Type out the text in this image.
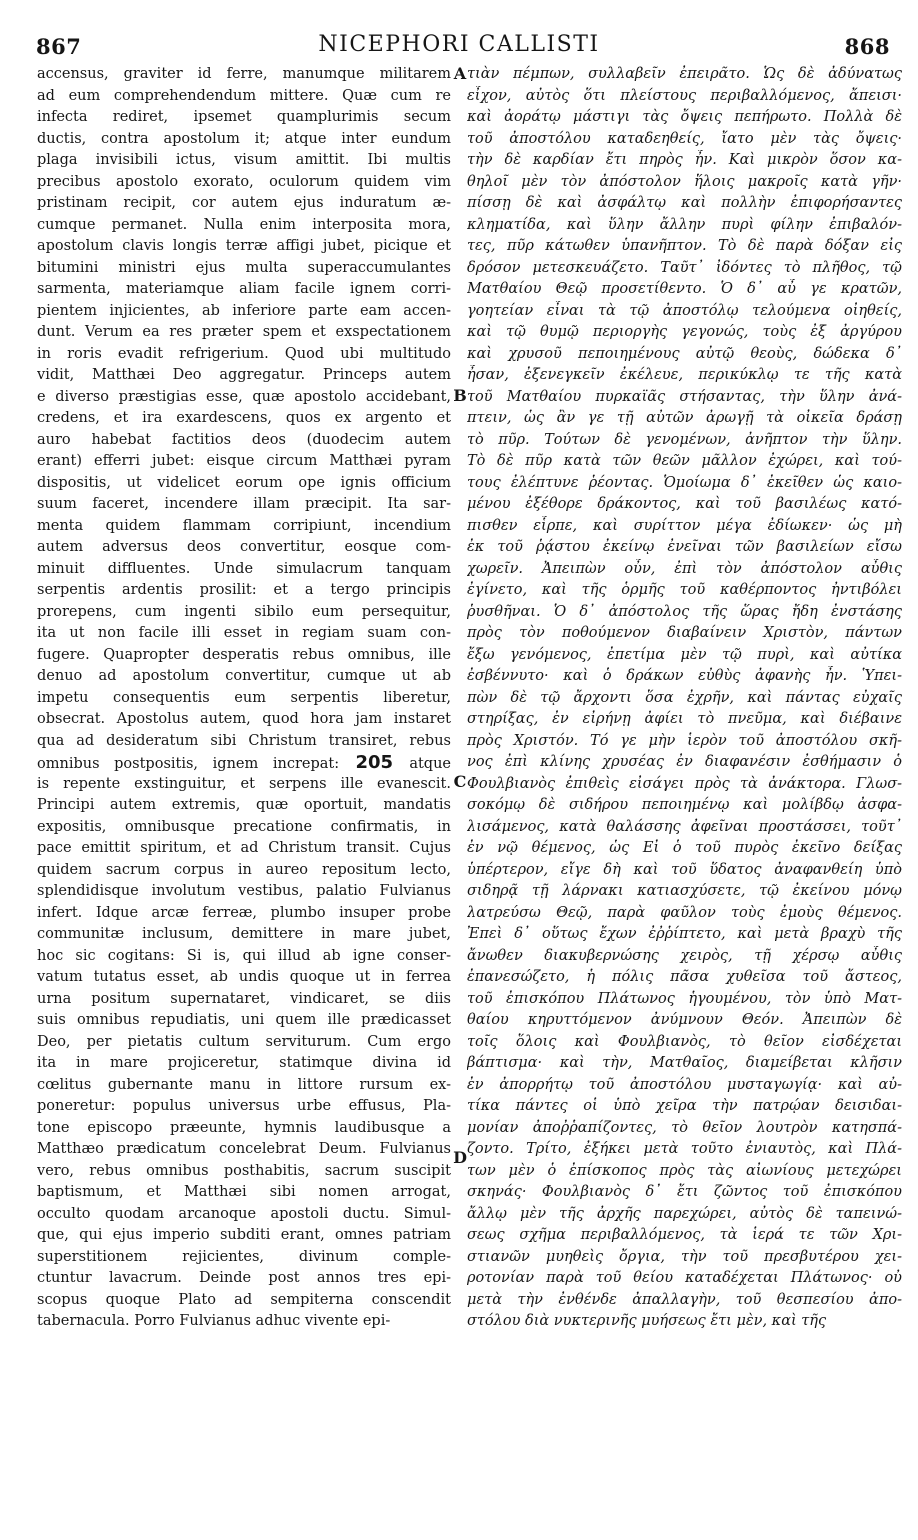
867	NICEPHORI CALLISTI	868
A
B
C
D
accensus, graviter id ferre, manumque militarem
ad eum comprehendendum mittere. Quæ cum re
infecta rediret, ipsemet quamplurimis secum
ductis, contra apostolum it; atque inter eundum
plaga invisibili ictus, visum amittit. Ibi multis
precibus apostolo exorato, oculorum quidem vim
pristinam recipit, cor autem ejus induratum æ-
cumque permanet. Nulla enim interposita mora,
apostolum clavis longis terræ affigi jubet, picique et
bitumini ministri ejus multa superaccumulantes
sarmenta, materiamque aliam facile ignem corri-
pientem injicientes, ab inferiore parte eam accen-
dunt. Verum ea res præter spem et exspectationem
in roris evadit refrigerium. Quod ubi multitudo
vidit, Matthæi Deo aggregatur. Princeps autem
e diverso præstigias esse, quæ apostolo accidebant,
credens, et ira exardescens, quos ex argento et
auro habebat factitios deos (duodecim autem
erant) efferri jubet: eisque circum Matthæi pyram
dispositis, ut videlicet eorum ope ignis officium
suum faceret, incendere illam præcipit. Ita sar-
menta quidem flammam corripiunt, incendium
autem adversus deos convertitur, eosque com-
minuit diffluentes. Unde simulacrum tanquam
serpentis ardentis prosilit: et a tergo principis
prorepens, cum ingenti sibilo eum persequitur,
ita ut non facile illi esset in regiam suam con-
fugere. Quapropter desperatis rebus omnibus, ille
denuo ad apostolum convertitur, cumque ut ab
impetu consequentis eum serpentis liberetur,
obsecrat. Apostolus autem, quod hora jam instaret
qua ad desideratum sibi Christum transiret, rebus
omnibus postpositis, ignem increpat: 205 atque
is repente exstinguitur, et serpens ille evanescit.
Principi autem extremis, quæ oportuit, mandatis
expositis, omnibusque precatione confirmatis, in
pace emittit spiritum, et ad Christum transit. Cujus
quidem sacrum corpus in aureo repositum lecto,
splendidisque involutum vestibus, palatio Fulvianus
infert. Idque arcæ ferreæ, plumbo insuper probe
communitæ inclusum, demittere in mare jubet,
hoc sic cogitans: Si is, qui illud ab igne conser-
vatum tutatus esset, ab undis quoque ut in ferrea
urna positum supernataret, vindicaret, se diis
suis omnibus repudiatis, uni quem ille prædicasset
Deo, per pietatis cultum serviturum. Cum ergo
ita in mare projiceretur, statimque divina id
cœlitus gubernante manu in littore rursum ex-
poneretur: populus universus urbe effusus, Pla-
tone episcopo præeunte, hymnis laudibusque a
Matthæo prædicatum concelebrat Deum. Fulvianus
vero, rebus omnibus posthabitis, sacrum suscipit
baptismum, et Matthæi sibi nomen arrogat,
occulto quodam arcanoque apostoli ductu. Simul-
que, qui ejus imperio subditi erant, omnes patriam
superstitionem rejicientes, divinum comple-
ctuntur lavacrum. Deinde post annos tres epi-
scopus quoque Plato ad sempiterna conscendit
tabernacula. Porro Fulvianus adhuc vivente epi-
τιὰν πέμπων, συλλαβεῖν ἐπειρᾶτο. Ὡς δὲ ἀδύνατως
εἶχον, αὐτὸς ὅτι πλείστους περιβαλλόμενος, ἄπεισι·
καὶ ἀοράτῳ μάστιγι τὰς ὄψεις πεπήρωτο. Πολλὰ δὲ
τοῦ ἀποστόλου καταδεηθείς, ἴατο μὲν τὰς ὄψεις·
τὴν δὲ καρδίαν ἔτι πηρὸς ἦν. Καὶ μικρὸν ὅσον κα-
θηλοῖ μὲν τὸν ἀπόστολον ἥλοις μακροῖς κατὰ γῆν·
πίσσῃ δὲ καὶ ἀσφάλτῳ καὶ πολλὴν ἐπιφορήσαντες
κληματίδα, καὶ ὕλην ἄλλην πυρὶ φίλην ἐπιβαλόν-
τες, πῦρ κάτωθεν ὑπανῆπτον. Τὸ δὲ παρὰ δόξαν εἰς
δρόσον μετεσκευάζετο. Ταῦτ᾽ ἰδόντες τὸ πλῆθος, τῷ
Ματθαίου Θεῷ προσετίθεντο. Ὁ δ᾽ αὖ γε κρατῶν,
γοητείαν εἶναι τὰ τῷ ἀποστόλῳ τελούμενα οἰηθείς,
καὶ τῷ θυμῷ περιοργὴς γεγονώς, τοὺς ἐξ ἀργύρου
καὶ χρυσοῦ πεποιημένους αὐτῷ θεοὺς, δώδεκα δ᾽
ἦσαν, ἐξενεγκεῖν ἐκέλευε, περικύκλῳ τε τῆς κατὰ
τοῦ Ματθαίου πυρκαϊᾶς στήσαντας, τὴν ὕλην ἀνά-
πτειν, ὡς ἂν γε τῇ αὐτῶν ἀρωγῇ τὰ οἰκεῖα δράσῃ
τὸ πῦρ. Τούτων δὲ γενομένων, ἀνῆπτον τὴν ὕλην.
Τὸ δὲ πῦρ κατὰ τῶν θεῶν μᾶλλον ἐχώρει, καὶ τού-
τους ἐλέπτυνε ῥέοντας. Ὁμοίωμα δ᾽ ἐκεῖθεν ὡς καιο-
μένου ἐξέθορε δράκοντος, καὶ τοῦ βασιλέως κατό-
πισθεν εἷρπε, καὶ συρίττον μέγα ἐδίωκεν· ὡς μὴ
ἐκ τοῦ ῥᾴστου ἐκείνῳ ἐνεῖναι τῶν βασιλείων εἴσω
χωρεῖν. Ἀπειπὼν οὖν, ἐπὶ τὸν ἀπόστολον αὖθις
ἐγίνετο, καὶ τῆς ὁρμῆς τοῦ καθέρποντος ἠντιβόλει
ῥυσθῆναι. Ὁ δ᾽ ἀπόστολος τῆς ὥρας ἤδη ἐνστάσης
πρὸς τὸν ποθούμενον διαβαίνειν Χριστὸν, πάντων
ἔξω γενόμενος, ἐπετίμα μὲν τῷ πυρὶ, καὶ αὐτίκα
ἐσβέννυτο· καὶ ὁ δράκων εὐθὺς ἀφανὴς ἦν. Ὑπει-
πὼν δὲ τῷ ἄρχοντι ὅσα ἐχρῆν, καὶ πάντας εὐχαῖς
στηρίξας, ἐν εἰρήνῃ ἀφίει τὸ πνεῦμα, καὶ διέβαινε
πρὸς Χριστόν. Τό γε μὴν ἱερὸν τοῦ ἀποστόλου σκῆ-
νος ἐπὶ κλίνης χρυσέας ἐν διαφανέσιν ἐσθήμασιν ὁ
Φουλβιανὸς ἐπιθεὶς εἰσάγει πρὸς τὰ ἀνάκτορα. Γλωσ-
σοκόμῳ δὲ σιδήρου πεποιημένῳ καὶ μολίβδῳ ἀσφα-
λισάμενος, κατὰ θαλάσσης ἀφεῖναι προστάσσει, τοῦτ᾽
ἐν νῷ θέμενος, ὡς Εἰ ὁ τοῦ πυρὸς ἐκεῖνο δείξας
ὑπέρτερον, εἴγε δὴ καὶ τοῦ ὕδατος ἀναφανθείη ὑπὸ
σιδηρᾷ τῇ λάρνακι κατιασχύσετε, τῷ ἐκείνου μόνῳ
λατρεύσω Θεῷ, παρὰ φαῦλον τοὺς ἐμοὺς θέμενος.
Ἐπεὶ δ᾽ οὕτως ἔχων ἐῤῥίπτετο, καὶ μετὰ βραχὺ τῆς
ἄνωθεν διακυβερνώσης χειρὸς, τῇ χέρσῳ αὖθις
ἐπανεσώζετο, ἡ πόλις πᾶσα χυθεῖσα τοῦ ἄστεος,
τοῦ ἐπισκόπου Πλάτωνος ἡγουμένου, τὸν ὑπὸ Ματ-
θαίου κηρυττόμενον ἀνύμνουν Θεόν. Ἀπειπὼν δὲ
τοῖς ὅλοις καὶ Φουλβιανὸς, τὸ θεῖον εἰσδέχεται
βάπτισμα· καὶ τὴν, Ματθαῖος, διαμείβεται κλῆσιν
ἐν ἀπορρήτῳ τοῦ ἀποστόλου μυσταγωγίᾳ· καὶ αὐ-
τίκα πάντες οἱ ὑπὸ χεῖρα τὴν πατρῴαν δεισιδαι-
μονίαν ἀποῤῥαπίζοντες, τὸ θεῖον λουτρὸν κατησπά-
ζοντο. Τρίτο, ἐξήκει μετὰ τοῦτο ἐνιαυτὸς, καὶ Πλά-
των μὲν ὁ ἐπίσκοπος πρὸς τὰς αἰωνίους μετεχώρει
σκηνάς· Φουλβιανὸς δ᾽ ἔτι ζῶντος τοῦ ἐπισκόπου
ἄλλῳ μὲν τῆς ἀρχῆς παρεχώρει, αὐτὸς δὲ ταπεινώ-
σεως σχῆμα περιβαλλόμενος, τὰ ἱερά τε τῶν Χρι-
στιανῶν μυηθεὶς ὄργια, τὴν τοῦ πρεσβυτέρου χει-
ροτονίαν παρὰ τοῦ θείου καταδέχεται Πλάτωνος· οὐ
μετὰ τὴν ἐνθένδε ἀπαλλαγὴν, τοῦ θεσπεσίου ἀπο-
στόλου διὰ νυκτερινῆς μυήσεως ἔτι μὲν, καὶ τῆς
